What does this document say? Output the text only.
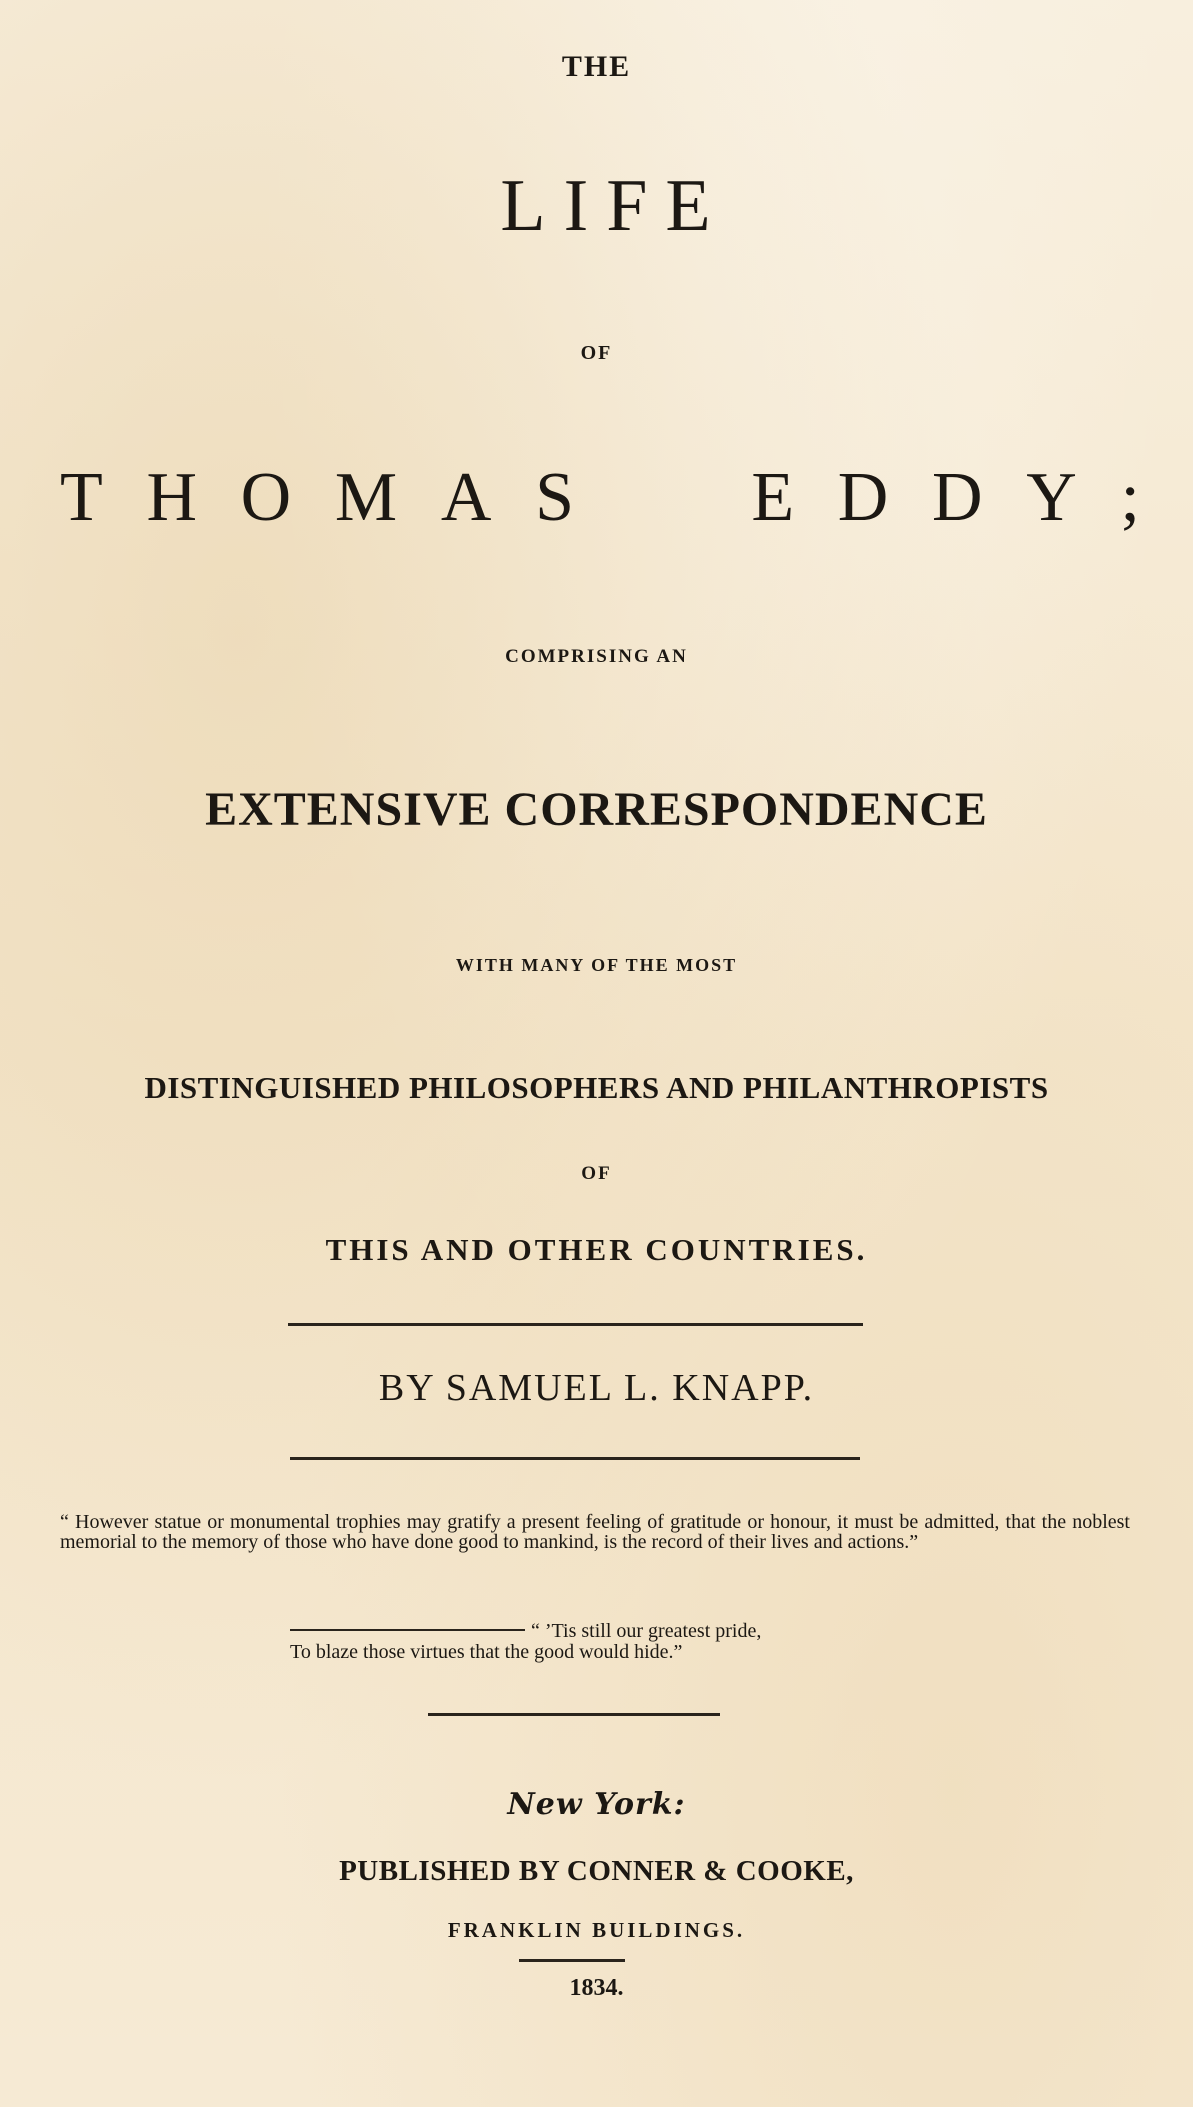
THE
LIFE
OF
T H O M A S	E D D Y ;
COMPRISING AN
EXTENSIVE CORRESPONDENCE
WITH MANY OF THE MOST
DISTINGUISHED PHILOSOPHERS AND PHILANTHROPISTS
OF
THIS AND OTHER COUNTRIES.
BY SAMUEL L. KNAPP.
“ However statue or monumental trophies may gratify a present feeling of gratitude or honour, it must be admitted, that the noblest memorial to the memory of those who have done good to mankind, is the record of their lives and actions.”
“ ’Tis still our greatest pride,
To blaze those virtues that the good would hide.”
New York:
PUBLISHED BY CONNER & COOKE,
FRANKLIN BUILDINGS.
1834.
